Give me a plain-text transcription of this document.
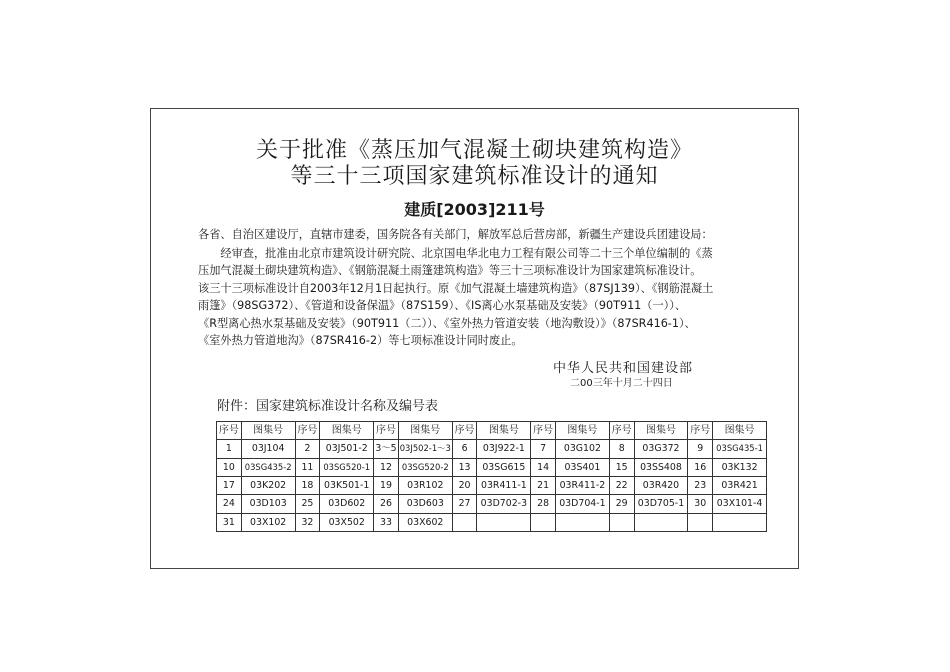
关于批准《蒸压加气混凝土砌块建筑构造》
等三十三项国家建筑标准设计的通知
建质[2003]211号
各省、自治区建设厅，直辖市建委，国务院各有关部门，解放军总后营房部，新疆生产建设兵团建设局：
　　经审查，批准由北京市建筑设计研究院、北京国电华北电力工程有限公司等二十三个单位编制的《蒸
压加气混凝土砌块建筑构造》、《钢筋混凝土雨篷建筑构造》等三十三项标准设计为国家建筑标准设计。
该三十三项标准设计自2003年12月1日起执行。原《加气混凝土墙建筑构造》（87SJ139）、《钢筋混凝土
雨篷》（98SG372）、《管道和设备保温》（87S159）、《IS离心水泵基础及安装》（90T911（一））、
《R型离心热水泵基础及安装》（90T911（二））、《室外热力管道安装（地沟敷设）》（87SR416-1）、
《室外热力管道地沟》（87SR416-2）等七项标准设计同时废止。
中华人民共和国建设部
二00三年十月二十四日
附件：国家建筑标准设计名称及编号表
序号	图集号	序号	图集号	序号	图集号	序号	图集号	序号	图集号	序号	图集号	序号	图集号
1	03J104	2	03J501-2	3～5	03J502-1～3	6	03J922-1	7	03G102	8	03G372	9	03SG435-1
10	03SG435-2	11	03SG520-1	12	03SG520-2	13	03SG615	14	03S401	15	03SS408	16	03K132
17	03K202	18	03K501-1	19	03R102	20	03R411-1	21	03R411-2	22	03R420	23	03R421
24	03D103	25	03D602	26	03D603	27	03D702-3	28	03D704-1	29	03D705-1	30	03X101-4
31	03X102	32	03X502	33	03X602								
